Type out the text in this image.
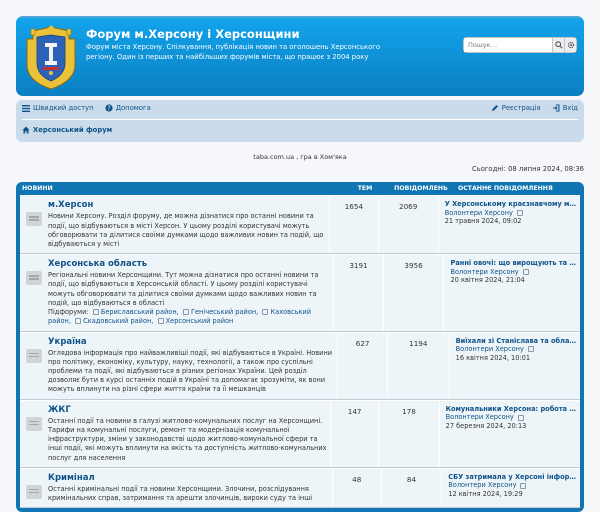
Форум м.Херсону і Херсонщини
Форум міста Херсону. Спілкування, публікація новин та оголошень Херсонського регіону. Один із перших та найбільших форумів міста, що працює з 2004 року
Пошук…
Швидкий доступ
? Допомога	Реєстрація
	Вхід
Херсонський форум
taba.com.ua , гра в Хом'яка
Сьогодні: 08 липня 2024, 08:36
НОВИНИ	ТЕМ	ПОВІДОМЛЕНЬ	ОСТАННЄ ПОВІДОМЛЕННЯ
м.Херсон
Новини Херсону. Розділ форуму, де можна дізнатися про останні новини та події, що відбуваються в місті Херсон. У цьому розділі користувачі можуть обговорювати та ділитися своїми думками щодо важливих новин та подій, що відбуваються у місті
1654	2069	У Херсонському краєзнавчому м…
Волонтери Херсону
21 травня 2024, 09:02
Херсонська область
Регіональні новини Херсонщини. Тут можна дізнатися про останні новини та події, що відбуваються в Херсонській області. У цьому розділі користувачі можуть обговорювати та ділитися своїми думками щодо важливих новин та подій, що відбуваються в області
Підфоруми: Бериславський район, Генічеський район, Каховський район, Скадовський район, Херсонський район
3191	3956	Ранні овочі: що вирощують та …
Волонтери Херсону
20 квітня 2024, 21:04
Україна
Оглядова інформація про найважливіші події, які відбуваються в Україні. Новини про політику, економіку, культуру, науку, технології, а також про суспільні проблеми та події, які відбуваються в різних регіонах України. Цей розділ дозволяє бути в курсі останніх подій в Україні та допомагає зрозуміти, як вони можуть вплинути на різні сфери життя країни та її мешканців
627	1194	Виїхали зі Станіслава та обла…
Волонтери Херсону
16 квітня 2024, 10:01
ЖКГ
Останні події та новини в галузі житлово-комунальних послуг на Херсонщині. Тарифи на комунальні послуги, ремонт та модернізація комунальної інфраструктури, зміни у законодавстві щодо житлово-комунальної сфери та інші події, які можуть вплинути на якість та доступність житлово-комунальних послуг для населення
147	178	Комунальники Херсона: робота …
Волонтери Херсону
27 березня 2024, 20:13
Кримінал
Останні кримінальні події та новини Херсонщини. Злочини, розслідування кримінальних справ, затримання та арешти злочинців, вироки суду та інші
48	84	СБУ затримала у Херсоні інфор…
Волонтери Херсону
12 квітня 2024, 19:29
